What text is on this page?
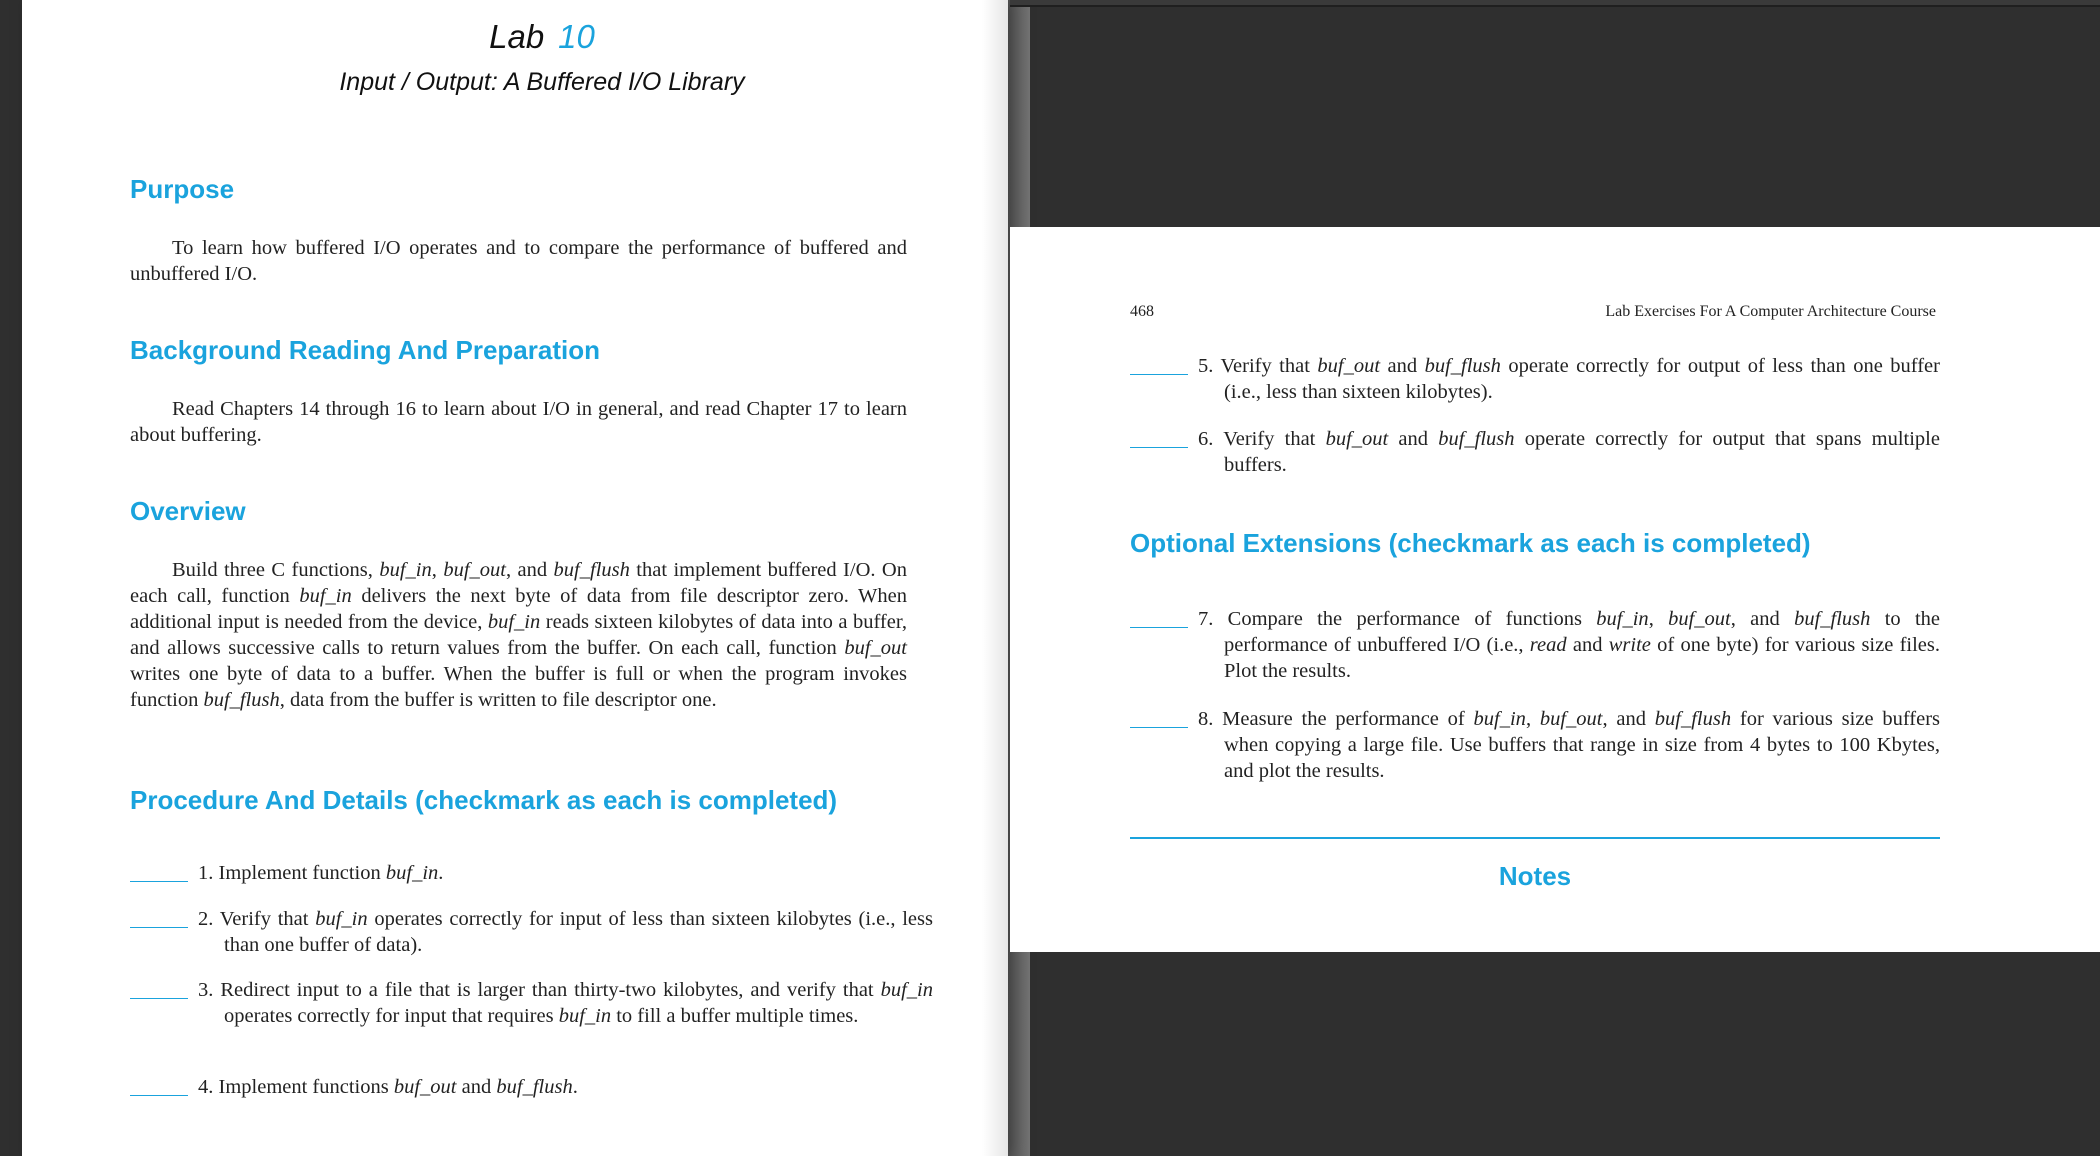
Lab 10
Input / Output: A Buffered I/O Library
Purpose
To learn how buffered I/O operates and to compare the performance of buffered and unbuffered I/O.
Background Reading And Preparation
Read Chapters 14 through 16 to learn about I/O in general, and read Chapter 17 to learn about buffering.
Overview
Build three C functions, buf_in, buf_out, and buf_flush that implement buffered I/O. On each call, function buf_in delivers the next byte of data from file descriptor zero. When additional input is needed from the device, buf_in reads sixteen kilobytes of data into a buffer, and allows successive calls to return values from the buffer. On each call, function buf_out writes one byte of data to a buffer. When the buffer is full or when the program invokes function buf_flush, data from the buffer is written to file descriptor one.
Procedure And Details (checkmark as each is completed)
1. Implement function buf_in.
2. Verify that buf_in operates correctly for input of less than sixteen kilobytes (i.e., less than one buffer of data).
3. Redirect input to a file that is larger than thirty-two kilobytes, and verify that buf_in operates correctly for input that requires buf_in to fill a buffer multiple times.
4. Implement functions buf_out and buf_flush.
468	Lab Exercises For A Computer Architecture Course
5. Verify that buf_out and buf_flush operate correctly for output of less than one buffer (i.e., less than sixteen kilobytes).
6. Verify that buf_out and buf_flush operate correctly for output that spans multiple buffers.
Optional Extensions (checkmark as each is completed)
7. Compare the performance of functions buf_in, buf_out, and buf_flush to the performance of unbuffered I/O (i.e., read and write of one byte) for various size files. Plot the results.
8. Measure the performance of buf_in, buf_out, and buf_flush for various size buffers when copying a large file. Use buffers that range in size from 4 bytes to 100 Kbytes, and plot the results.
Notes
